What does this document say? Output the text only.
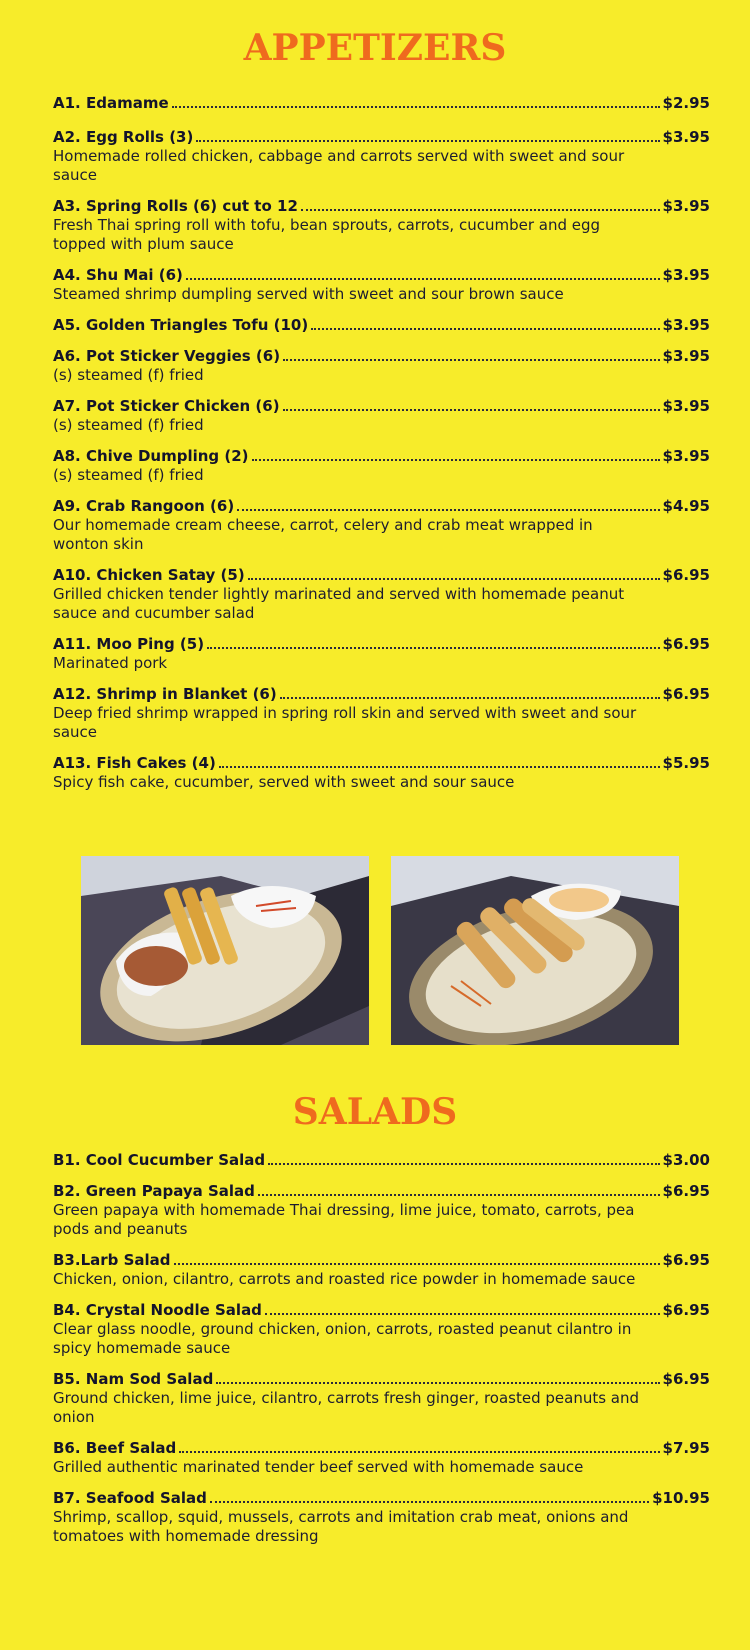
APPETIZERS
A1. Edamame	$2.95
A2. Egg Rolls (3)	$3.95
Homemade rolled chicken, cabbage and carrots served with sweet and sour sauce
A3. Spring Rolls (6) cut to 12	$3.95
Fresh Thai spring roll with tofu, bean sprouts, carrots, cucumber and egg topped with plum sauce
A4. Shu Mai (6)	$3.95
Steamed shrimp dumpling served with sweet and sour brown sauce
A5. Golden Triangles Tofu (10)	$3.95
A6. Pot Sticker Veggies (6)	$3.95
(s) steamed (f) fried
A7. Pot Sticker Chicken (6)	$3.95
(s) steamed (f) fried
A8. Chive Dumpling (2)	$3.95
(s) steamed (f) fried
A9. Crab Rangoon (6)	$4.95
Our homemade cream cheese, carrot, celery and crab meat wrapped in wonton skin
A10. Chicken Satay (5)	$6.95
Grilled chicken tender lightly marinated and served with homemade peanut sauce and cucumber salad
A11. Moo Ping (5)	$6.95
Marinated pork
A12. Shrimp in Blanket (6)	$6.95
Deep fried shrimp wrapped in spring roll skin and served with sweet and sour sauce
A13. Fish Cakes (4)	$5.95
Spicy fish cake, cucumber, served with sweet and sour sauce
SALADS
B1. Cool Cucumber Salad	$3.00
B2. Green Papaya Salad	$6.95
Green papaya with homemade Thai dressing, lime juice, tomato, carrots, pea pods and peanuts
B3.Larb Salad	$6.95
Chicken, onion, cilantro, carrots and roasted rice powder in homemade sauce
B4. Crystal Noodle Salad	$6.95
Clear glass noodle, ground chicken, onion, carrots, roasted peanut cilantro in spicy homemade sauce
B5. Nam Sod Salad	$6.95
Ground chicken, lime juice, cilantro, carrots fresh ginger, roasted peanuts and onion
B6. Beef Salad	$7.95
Grilled authentic marinated tender beef served with homemade sauce
B7. Seafood Salad	$10.95
Shrimp, scallop, squid, mussels, carrots and imitation crab meat, onions and tomatoes with homemade dressing
